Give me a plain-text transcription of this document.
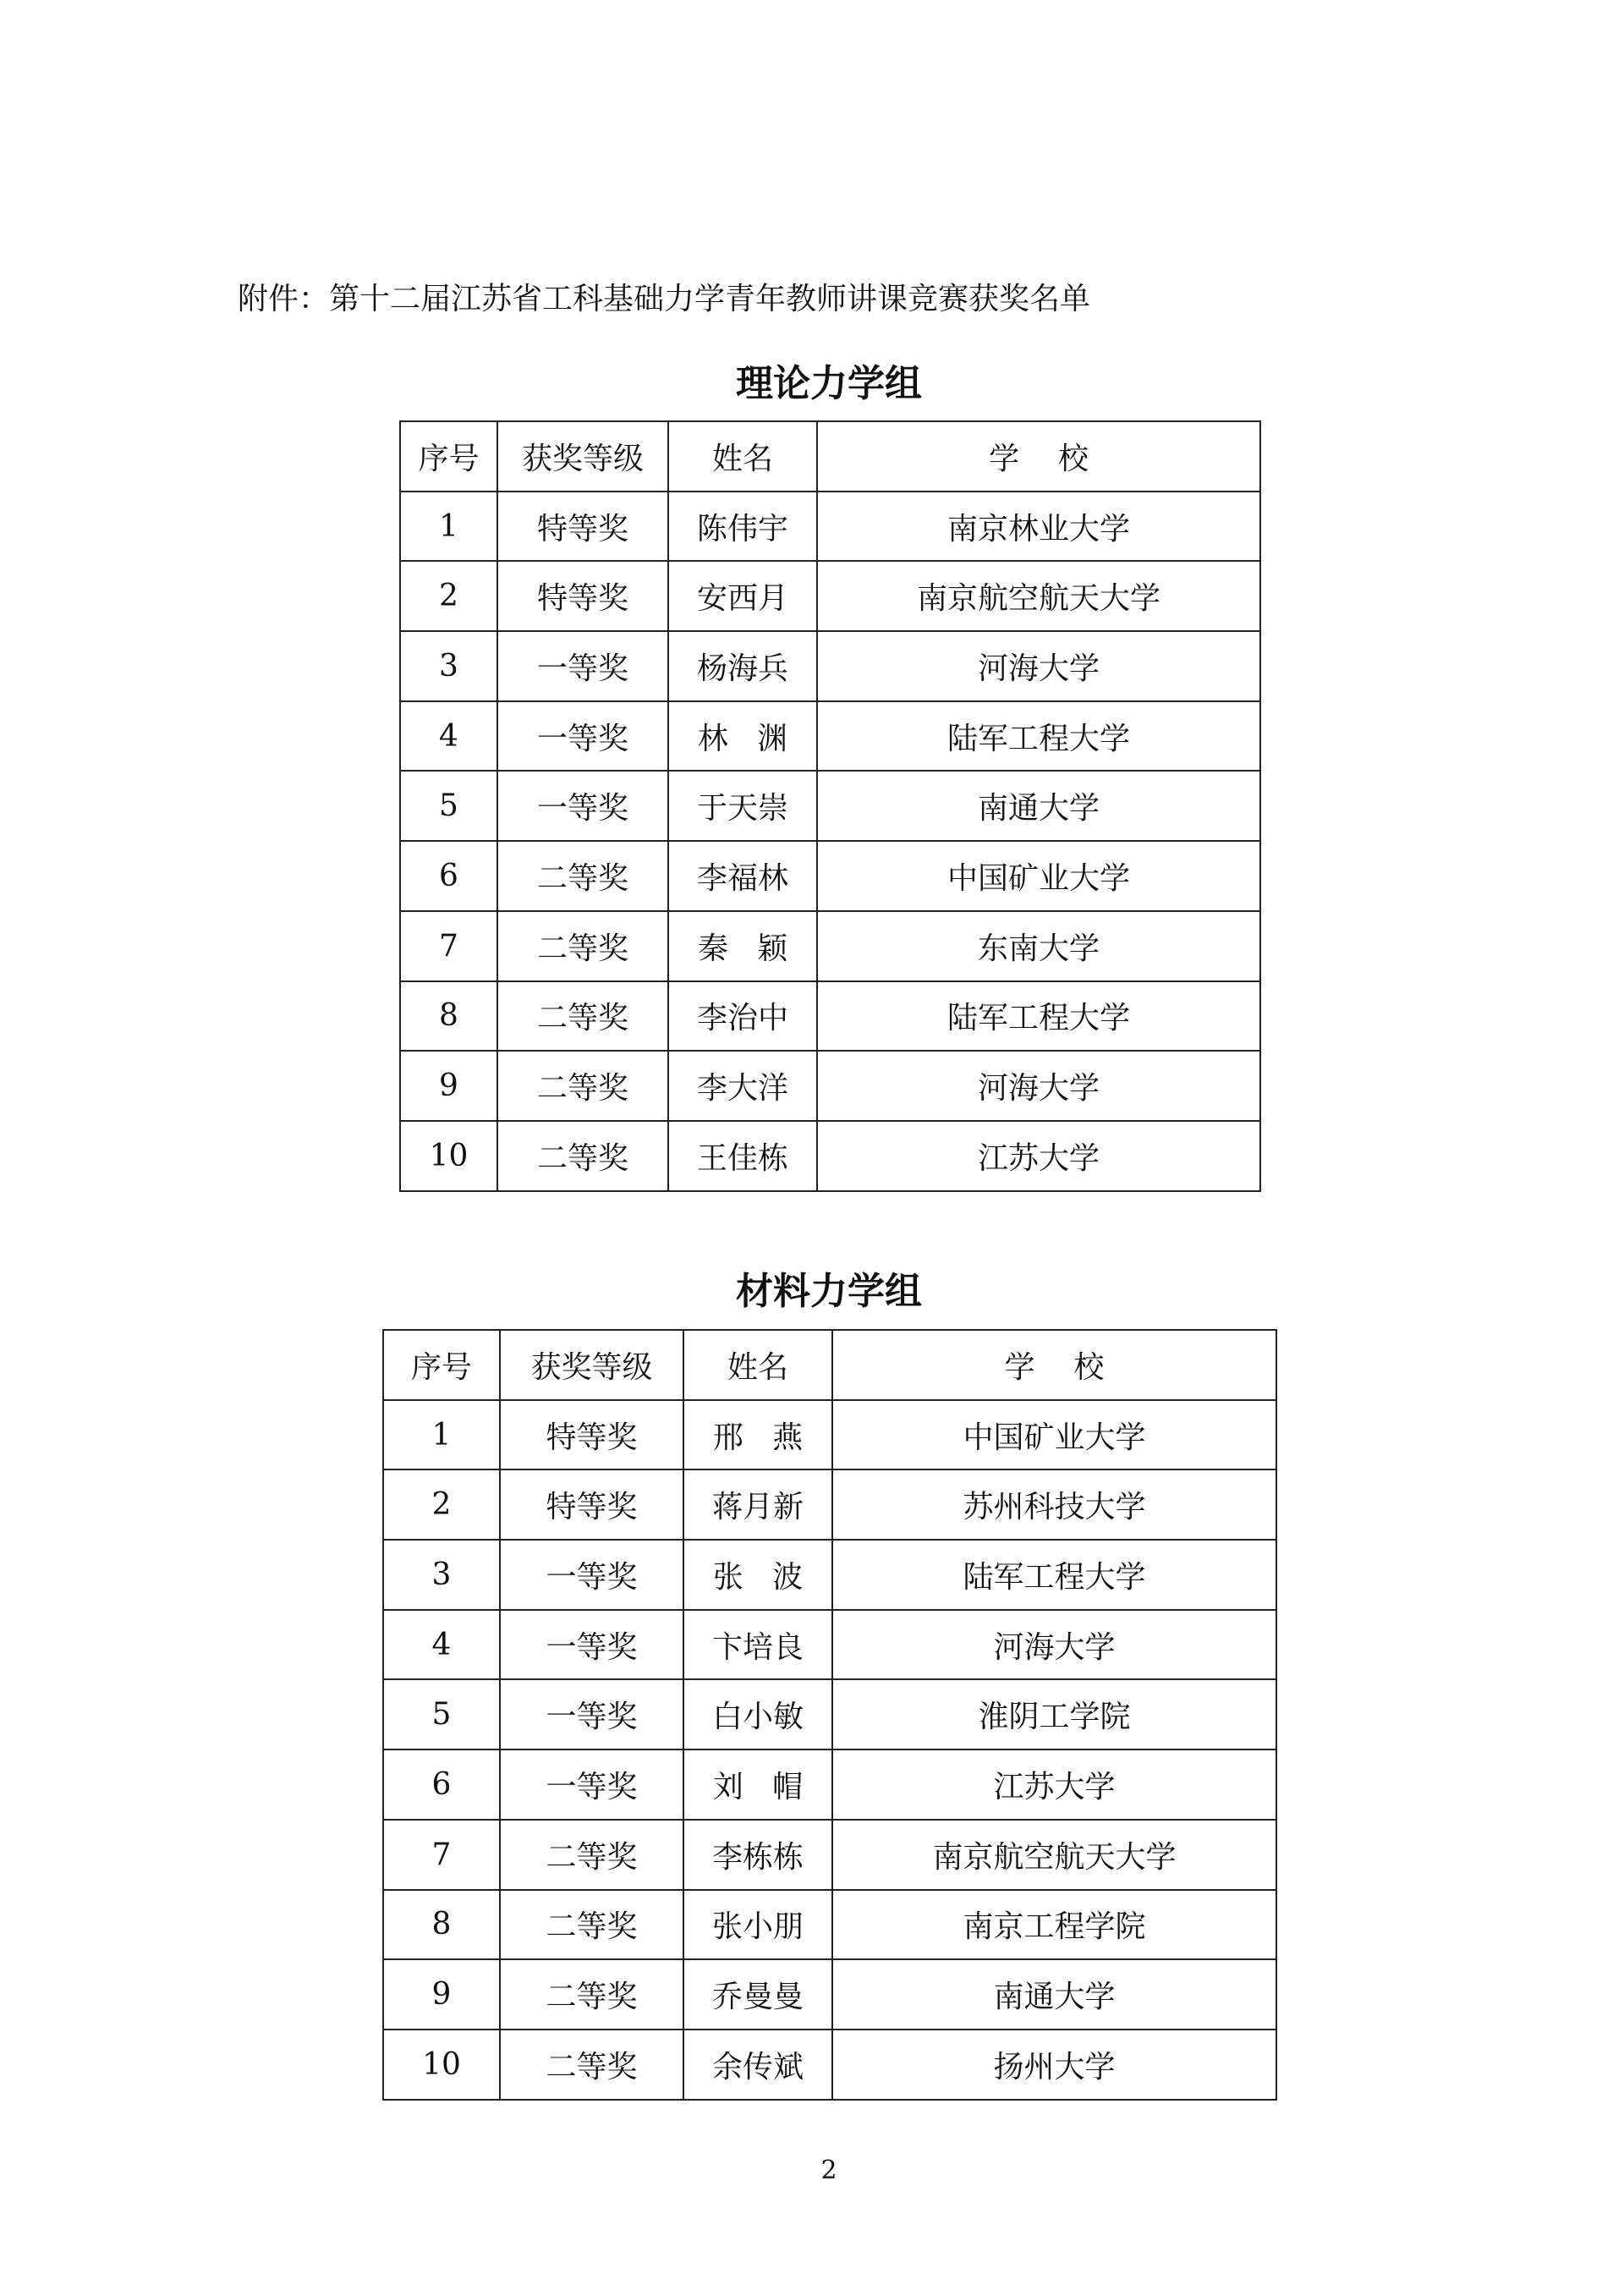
附件：第十二届江苏省工科基础力学青年教师讲课竞赛获奖名单
理论力学组
序号	获奖等级	姓名	学    校
1	特等奖	陈伟宇	南京林业大学
2	特等奖	安西月	南京航空航天大学
3	一等奖	杨海兵	河海大学
4	一等奖	林   渊	陆军工程大学
5	一等奖	于天崇	南通大学
6	二等奖	李福林	中国矿业大学
7	二等奖	秦   颖	东南大学
8	二等奖	李治中	陆军工程大学
9	二等奖	李大洋	河海大学
10	二等奖	王佳栋	江苏大学
材料力学组
序号	获奖等级	姓名	学    校
1	特等奖	邢   燕	中国矿业大学
2	特等奖	蒋月新	苏州科技大学
3	一等奖	张   波	陆军工程大学
4	一等奖	卞培良	河海大学
5	一等奖	白小敏	淮阴工学院
6	一等奖	刘   帽	江苏大学
7	二等奖	李栋栋	南京航空航天大学
8	二等奖	张小朋	南京工程学院
9	二等奖	乔曼曼	南通大学
10	二等奖	余传斌	扬州大学
2
